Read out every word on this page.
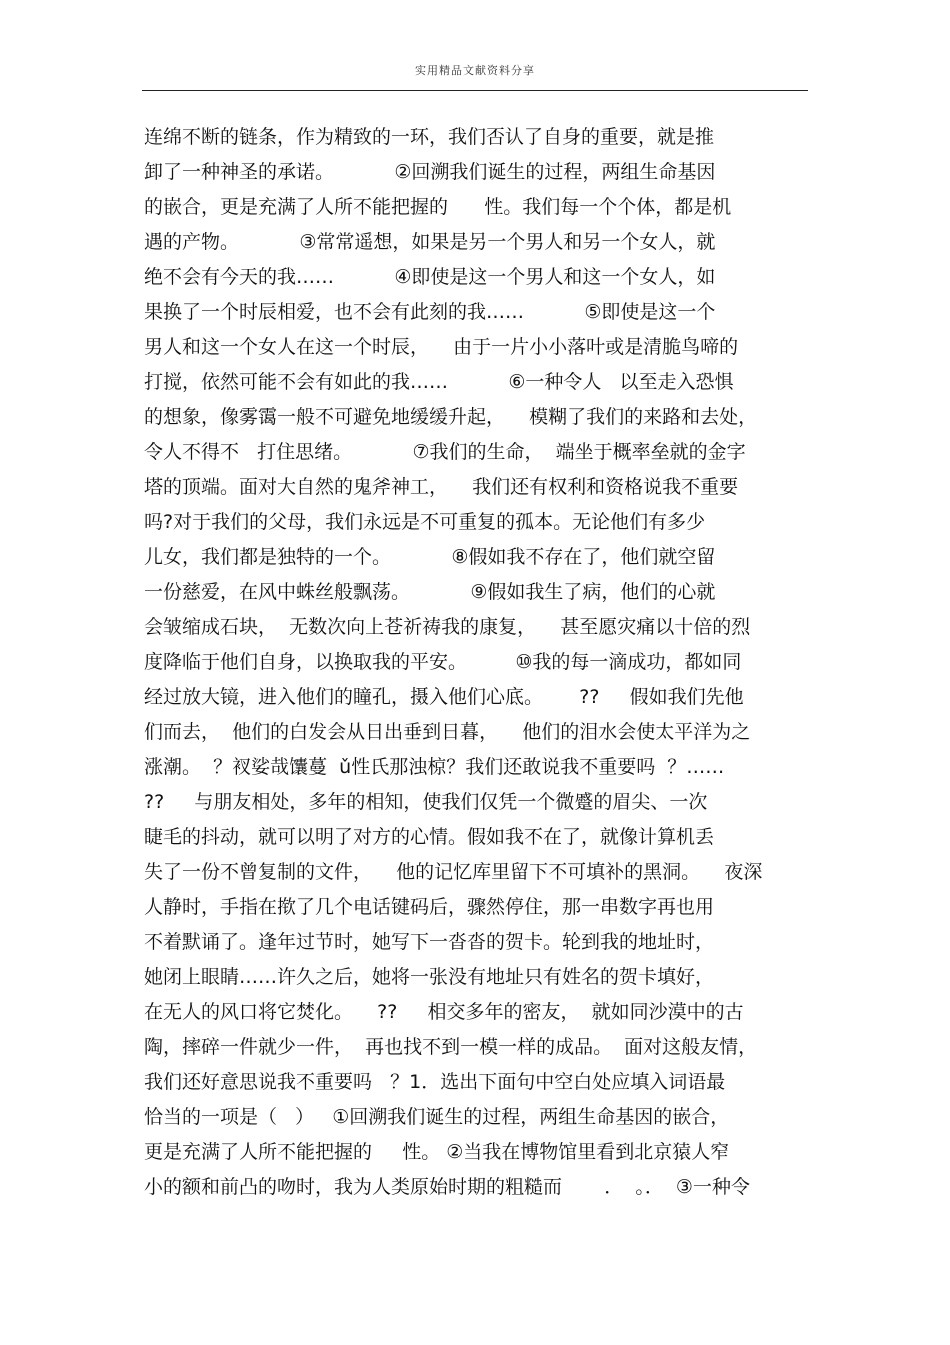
实用精品文献资料分享
连绵不断的链条，作为精致的一环，我们否认了自身的重要，就是推
卸了一种神圣的承诺。          ②回溯我们诞生的过程，两组生命基因
的嵌合，更是充满了人所不能把握的      性。我们每一个个体，都是机
遇的产物。          ③常常遥想，如果是另一个男人和另一个女人，就
绝不会有今天的我……          ④即使是这一个男人和这一个女人，如
果换了一个时辰相爱，也不会有此刻的我……          ⑤即使是这一个
男人和这一个女人在这一个时辰，    由于一片小小落叶或是清脆鸟啼的
打搅，依然可能不会有如此的我……          ⑥一种令人   以至走入恐惧
的想象，像雾霭一般不可避免地缓缓升起，    模糊了我们的来路和去处，
令人不得不   打住思绪。          ⑦我们的生命，  端坐于概率垒就的金字
塔的顶端。面对大自然的鬼斧神工，    我们还有权利和资格说我不重要
吗?对于我们的父母，我们永远是不可重复的孤本。无论他们有多少
儿女，我们都是独特的一个。          ⑧假如我不存在了，他们就空留
一份慈爱，在风中蛛丝般飘荡。          ⑨假如我生了病，他们的心就
会皱缩成石块，  无数次向上苍祈祷我的康复，    甚至愿灾痛以十倍的烈
度降临于他们自身，以换取我的平安。        ⑩我的每一滴成功，都如同
经过放大镜，进入他们的瞳孔，摄入他们心底。      ??     假如我们先他
们而去，  他们的白发会从日出垂到日暮，    他们的泪水会使太平洋为之
涨潮。  ？衩娑哉馕蔓  ǔ性氏那浊椋？我们还敢说我不重要吗  ？……
??     与朋友相处，多年的相知，使我们仅凭一个微蹙的眉尖、一次
睫毛的抖动，就可以明了对方的心情。假如我不在了，就像计算机丢
失了一份不曾复制的文件，    他的记忆库里留下不可填补的黑洞。    夜深
人静时，手指在揿了几个电话键码后，骤然停住，那一串数字再也用
不着默诵了。逢年过节时，她写下一沓沓的贺卡。轮到我的地址时，
她闭上眼睛……许久之后，她将一张没有地址只有姓名的贺卡填好，
在无人的风口将它焚化。    ??     相交多年的密友，  就如同沙漠中的古
陶，摔碎一件就少一件，  再也找不到一模一样的成品。  面对这般友情，
我们还好意思说我不重要吗   ？1．选出下面句中空白处应填入词语最
恰当的一项是（   ）   ①回溯我们诞生的过程，两组生命基因的嵌合，
更是充满了人所不能把握的     性。 ②当我在博物馆里看到北京猿人窄
小的额和前凸的吻时，我为人类原始时期的粗糙而       ．  。．  ③一种令
